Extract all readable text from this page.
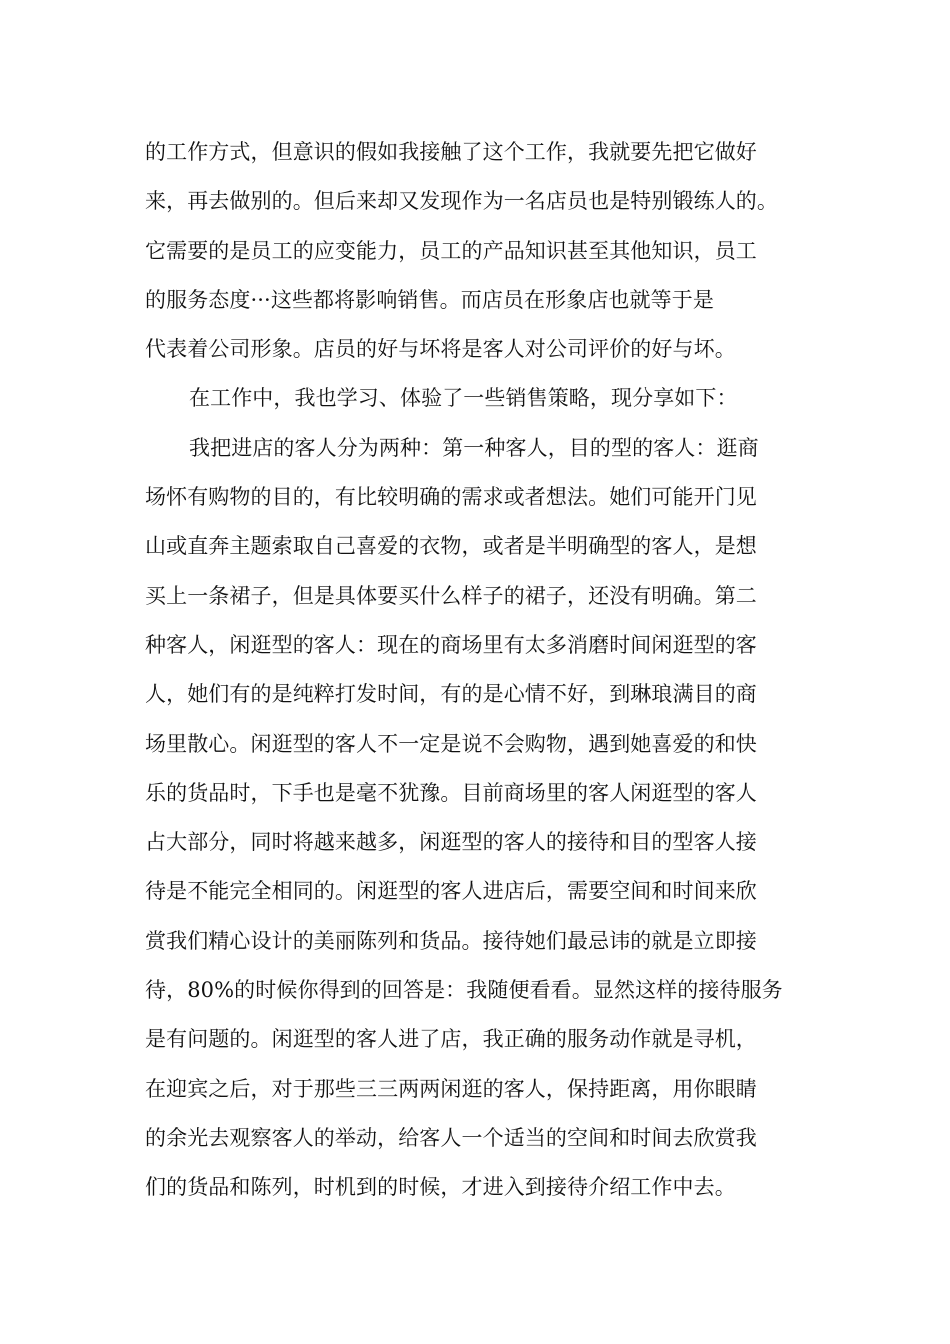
的工作方式，但意识的假如我接触了这个工作，我就要先把它做好
来，再去做别的。但后来却又发现作为一名店员也是特别锻练人的。
它需要的是员工的应变能力，员工的产品知识甚至其他知识，员工
的服务态度···这些都将影响销售。而店员在形象店也就等于是
代表着公司形象。店员的好与坏将是客人对公司评价的好与坏。
在工作中，我也学习、体验了一些销售策略，现分享如下：
我把进店的客人分为两种：第一种客人，目的型的客人：逛商
场怀有购物的目的，有比较明确的需求或者想法。她们可能开门见
山或直奔主题索取自己喜爱的衣物，或者是半明确型的客人，是想
买上一条裙子，但是具体要买什么样子的裙子，还没有明确。第二
种客人，闲逛型的客人：现在的商场里有太多消磨时间闲逛型的客
人，她们有的是纯粹打发时间，有的是心情不好，到琳琅满目的商
场里散心。闲逛型的客人不一定是说不会购物，遇到她喜爱的和快
乐的货品时，下手也是毫不犹豫。目前商场里的客人闲逛型的客人
占大部分，同时将越来越多，闲逛型的客人的接待和目的型客人接
待是不能完全相同的。闲逛型的客人进店后，需要空间和时间来欣
赏我们精心设计的美丽陈列和货品。接待她们最忌讳的就是立即接
待，80%的时候你得到的回答是：我随便看看。显然这样的接待服务
是有问题的。闲逛型的客人进了店，我正确的服务动作就是寻机，
在迎宾之后，对于那些三三两两闲逛的客人，保持距离，用你眼睛
的余光去观察客人的举动，给客人一个适当的空间和时间去欣赏我
们的货品和陈列，时机到的时候，才进入到接待介绍工作中去。
